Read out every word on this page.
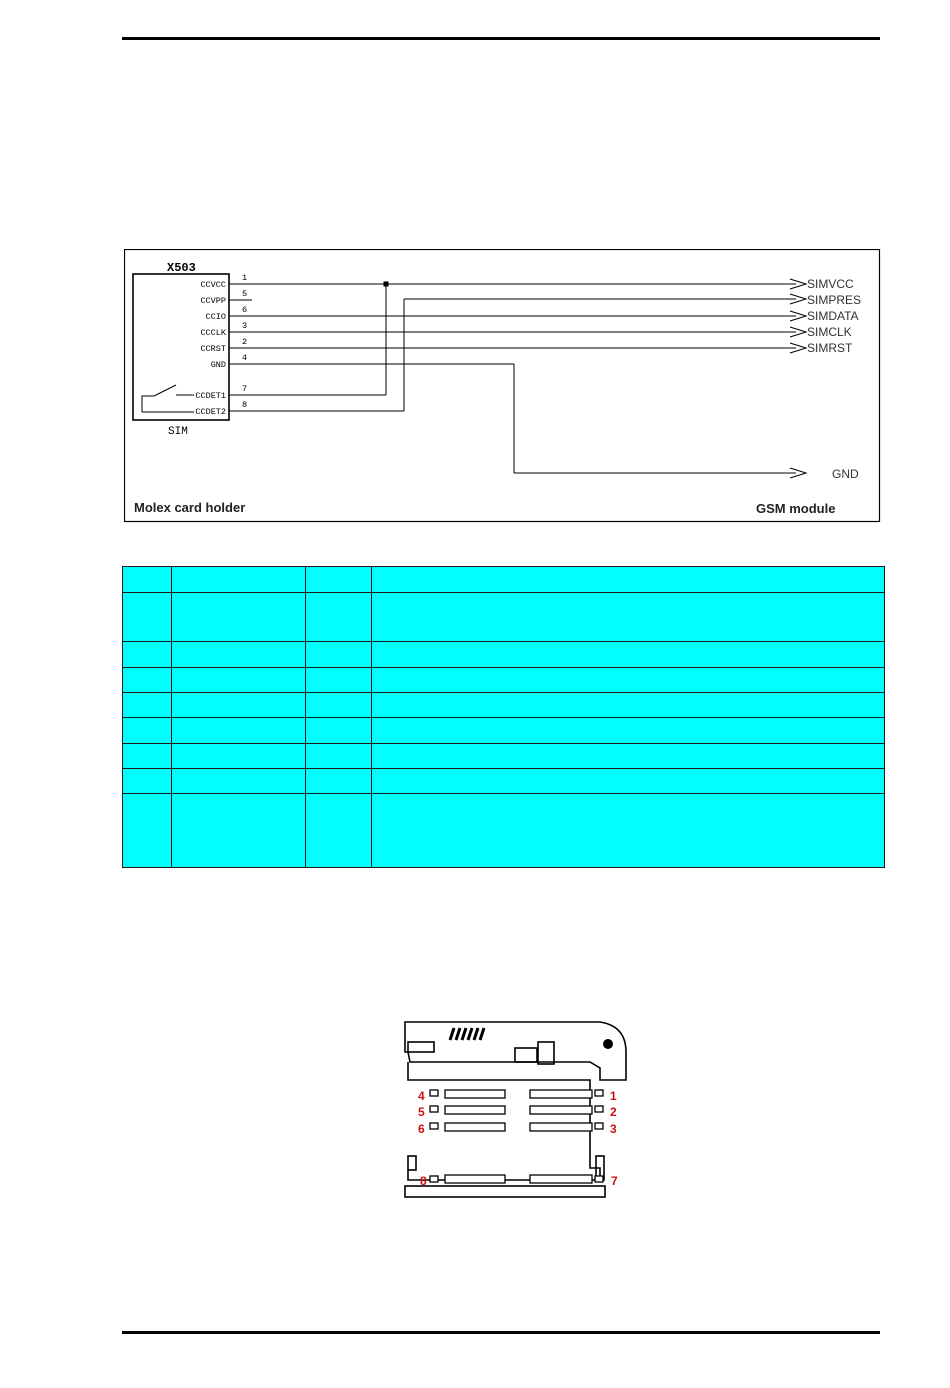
X503
SIM
CCVCC
CCVPP
CCIO
CCCLK
CCRST
GND
CCDET1
CCDET2
1
5
6
3
2
4
7
8
SIMVCC
SIMPRES
SIMDATA
SIMCLK
SIMRST
GND
Molex card holder	GSM module

4
5
6
8
1
2
3
7
